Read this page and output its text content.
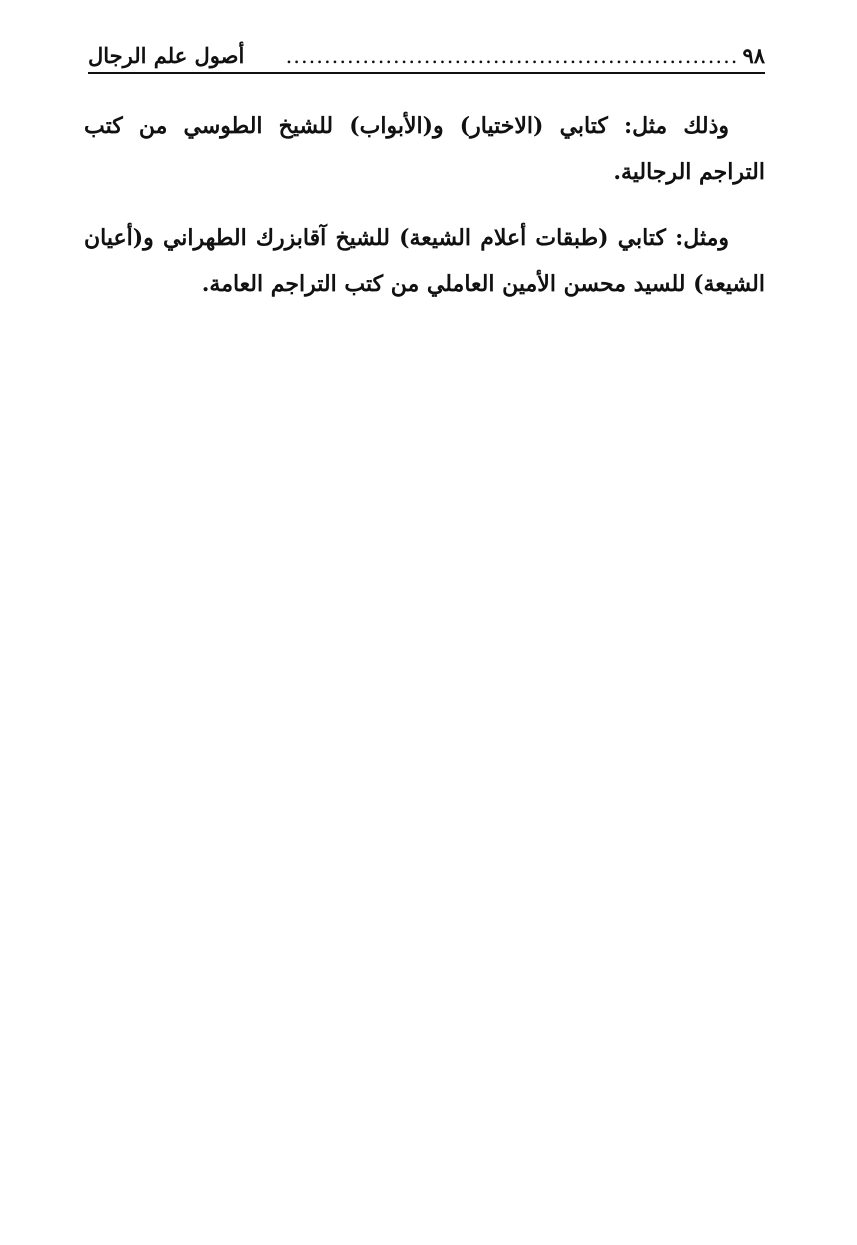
٩٨
...........................................................
أصول علم الرجال

وذلك مثل: كتابي (الاختيار) و(الأبواب) للشيخ الطوسي من كتب التراجم الرجالية.

ومثل: كتابي (طبقات أعلام الشيعة) للشيخ آقابزرك الطهراني و(أعيان الشيعة) للسيد محسن الأمين العاملي من كتب التراجم العامة.
